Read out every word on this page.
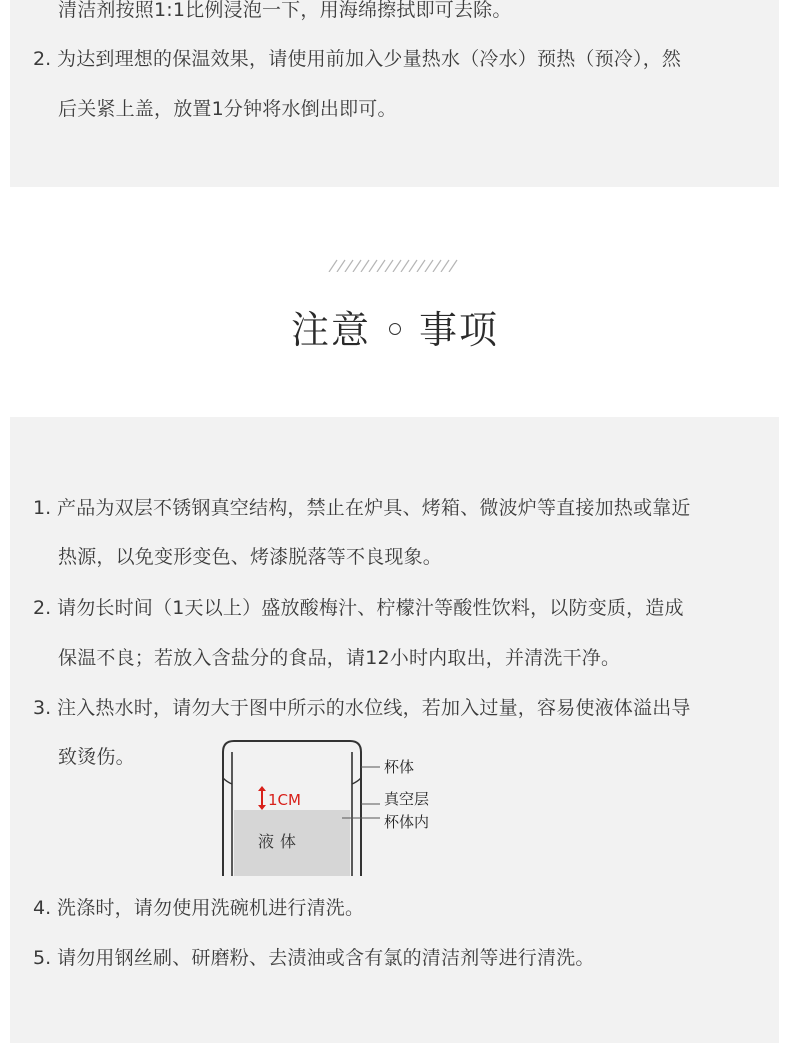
清洁剂按照1:1比例浸泡一下，用海绵擦拭即可去除。
2. 为达到理想的保温效果，请使用前加入少量热水（冷水）预热（预冷），然
后关紧上盖，放置1分钟将水倒出即可。
注意 事项
1. 产品为双层不锈钢真空结构，禁止在炉具、烤箱、微波炉等直接加热或靠近
热源，以免变形变色、烤漆脱落等不良现象。
2. 请勿长时间（1天以上）盛放酸梅汁、柠檬汁等酸性饮料，以防变质，造成
保温不良；若放入含盐分的食品，请12小时内取出，并清洗干净。
3. 注入热水时，请勿大于图中所示的水位线，若加入过量，容易使液体溢出导
致烫伤。
1CM
液体
杯体
真空层
杯体内
4. 洗涤时，请勿使用洗碗机进行清洗。
5. 请勿用钢丝刷、研磨粉、去渍油或含有氯的清洁剂等进行清洗。
